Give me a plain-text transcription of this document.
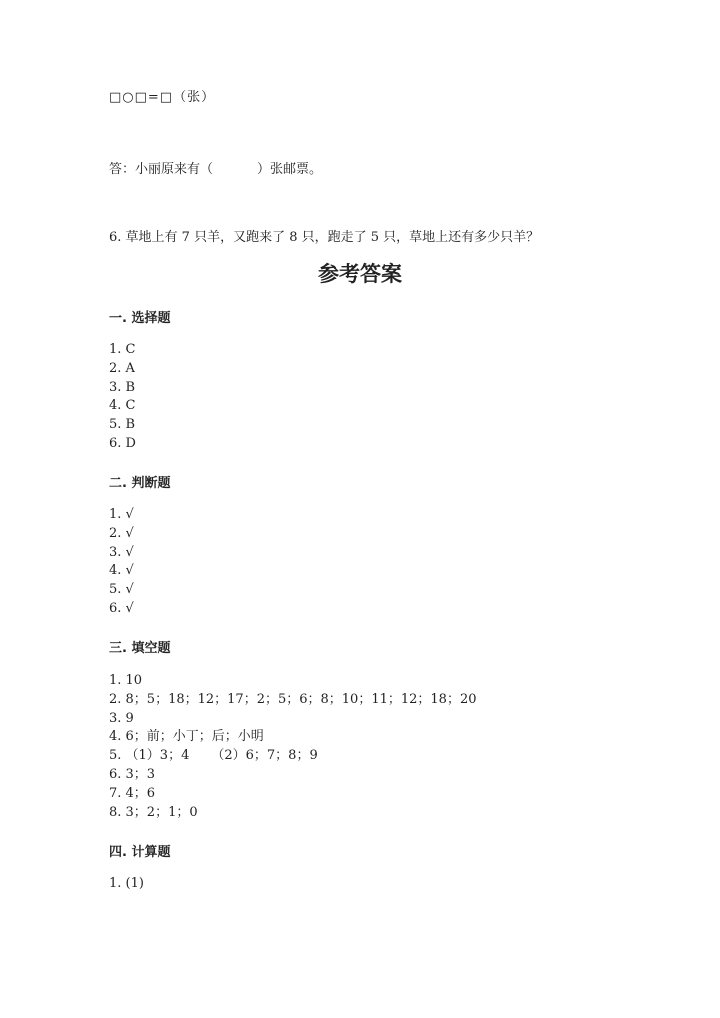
□○□=□（张）
答：小丽原来有（	）张邮票。
6. 草地上有 7 只羊，又跑来了 8 只，跑走了 5 只，草地上还有多少只羊？
参考答案
一. 选择题
1. C
2. A
3. B
4. C
5. B
6. D
二. 判断题
1. √
2. √
3. √
4. √
5. √
6. √
三. 填空题
1. 10
2. 8；5；18；12；17；2；5；6；8；10；11；12；18；20
3. 9
4. 6；前；小丁；后；小明
5. （1）3；4 （2）6；7；8；9
6. 3；3
7. 4；6
8. 3；2；1；0
四. 计算题
1. (1)
